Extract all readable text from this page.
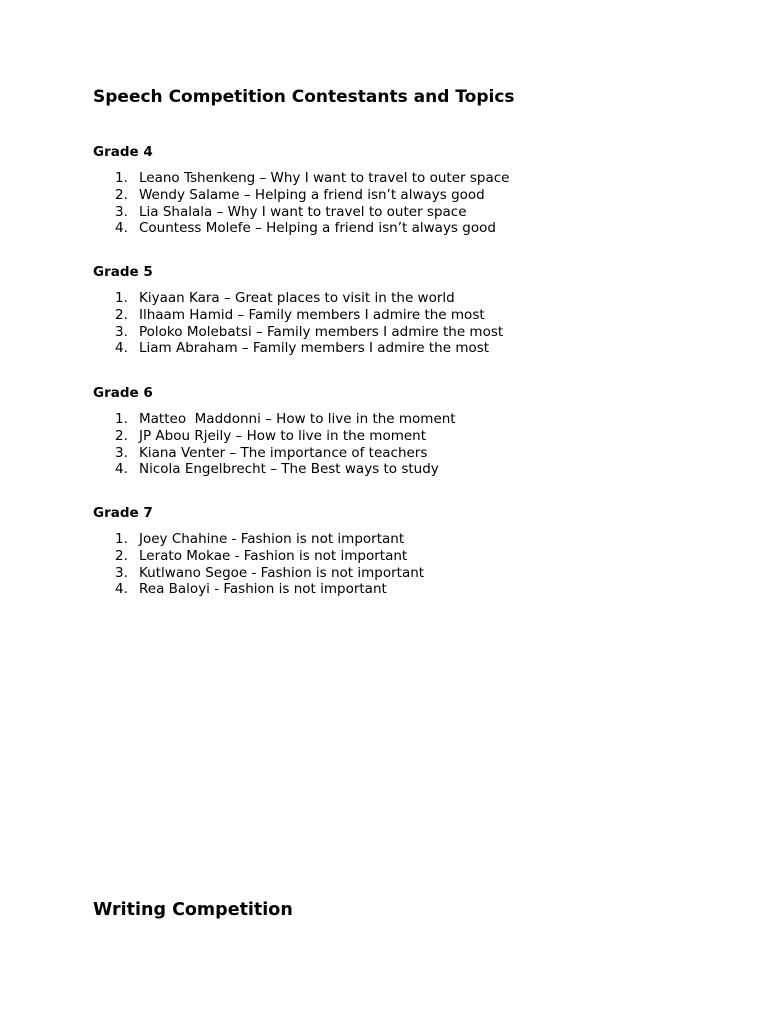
Speech Competition Contestants and Topics
Grade 4
1. Leano Tshenkeng – Why I want to travel to outer space
2. Wendy Salame – Helping a friend isn’t always good
3. Lia Shalala – Why I want to travel to outer space
4. Countess Molefe – Helping a friend isn’t always good
Grade 5
1. Kiyaan Kara – Great places to visit in the world
2. Ilhaam Hamid – Family members I admire the most
3. Poloko Molebatsi – Family members I admire the most
4. Liam Abraham – Family members I admire the most
Grade 6
1. Matteo  Maddonni – How to live in the moment
2. JP Abou Rjeily – How to live in the moment
3. Kiana Venter – The importance of teachers
4. Nicola Engelbrecht – The Best ways to study
Grade 7
1. Joey Chahine - Fashion is not important
2. Lerato Mokae - Fashion is not important
3. Kutlwano Segoe - Fashion is not important
4. Rea Baloyi - Fashion is not important
Writing Competition
